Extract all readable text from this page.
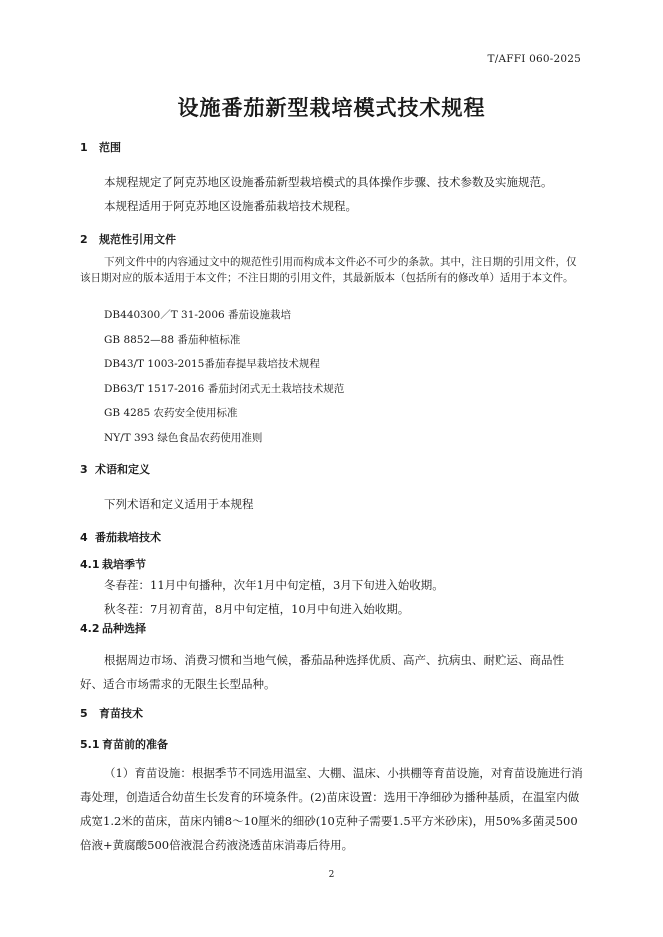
T/AFFI 060-2025
设施番茄新型栽培模式技术规程
1 范围
本规程规定了阿克苏地区设施番茄新型栽培模式的具体操作步骤、技术参数及实施规范。
本规程适用于阿克苏地区设施番茄栽培技术规程。
2 规范性引用文件
下列文件中的内容通过文中的规范性引用而构成本文件必不可少的条款。其中，注日期的引用文件，仅该日期对应的版本适用于本文件；不注日期的引用文件，其最新版本（包括所有的修改单）适用于本文件。
DB440300／T 31-2006 番茄设施栽培
GB 8852—88 番茄种植标准
DB43/T 1003-2015番茄春提早栽培技术规程
DB63/T 1517-2016 番茄封闭式无土栽培技术规范
GB 4285 农药安全使用标准
NY/T 393 绿色食品农药使用准则
3 术语和定义
下列术语和定义适用于本规程
4 番茄栽培技术
4.1 栽培季节
冬春茬：11月中旬播种，次年1月中旬定植，3月下旬进入始收期。
秋冬茬：7月初育苗，8月中旬定植，10月中旬进入始收期。
4.2 品种选择
根据周边市场、消费习惯和当地气候，番茄品种选择优质、高产、抗病虫、耐贮运、商品性好、适合市场需求的无限生长型品种。
5 育苗技术
5.1 育苗前的准备
（1）育苗设施：根据季节不同选用温室、大棚、温床、小拱棚等育苗设施，对育苗设施进行消毒处理，创造适合幼苗生长发育的环境条件。(2)苗床设置：选用干净细砂为播种基质，在温室内做成宽1.2米的苗床，苗床内铺8～10厘米的细砂(10克种子需要1.5平方米砂床)，用50%多菌灵500倍液+黄腐酸500倍液混合药液浇透苗床消毒后待用。
2
